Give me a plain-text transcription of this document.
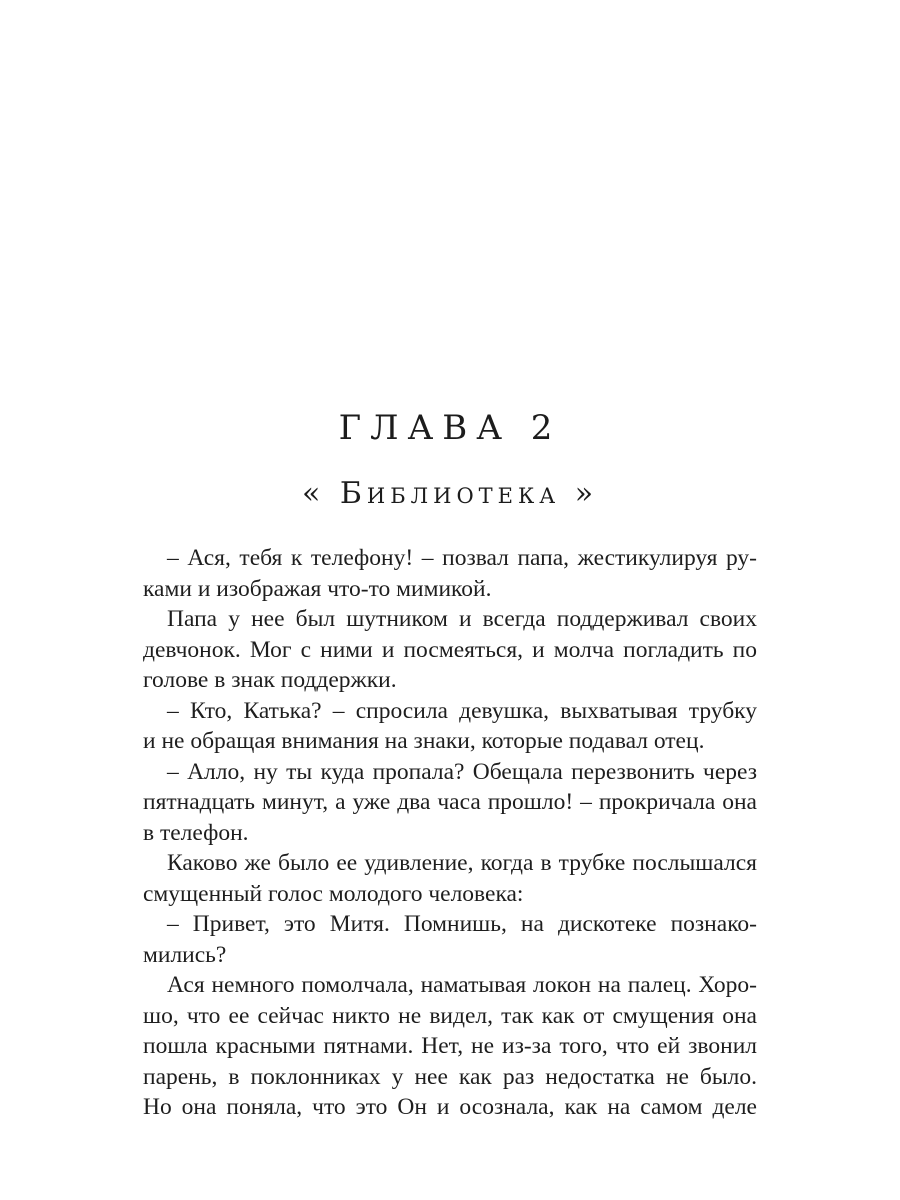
ГЛАВА 2
« Библиотека »
– Ася, тебя к телефону! – позвал папа, жестикулируя ру-
ками и изображая что-то мимикой.
Папа у нее был шутником и всегда поддерживал своих
девчонок. Мог с ними и посмеяться, и молча погладить по
голове в знак поддержки.
– Кто, Катька? – спросила девушка, выхватывая трубку
и не обращая внимания на знаки, которые подавал отец.
– Алло, ну ты куда пропала? Обещала перезвонить через
пятнадцать минут, а уже два часа прошло! – прокричала она
в телефон.
Каково же было ее удивление, когда в трубке послышался
смущенный голос молодого человека:
– Привет, это Митя. Помнишь, на дискотеке познако-
мились?
Ася немного помолчала, наматывая локон на палец. Хоро-
шо, что ее сейчас никто не видел, так как от смущения она
пошла красными пятнами. Нет, не из-за того, что ей звонил
парень, в поклонниках у нее как раз недостатка не было.
Но она поняла, что это Он и осознала, как на самом деле
